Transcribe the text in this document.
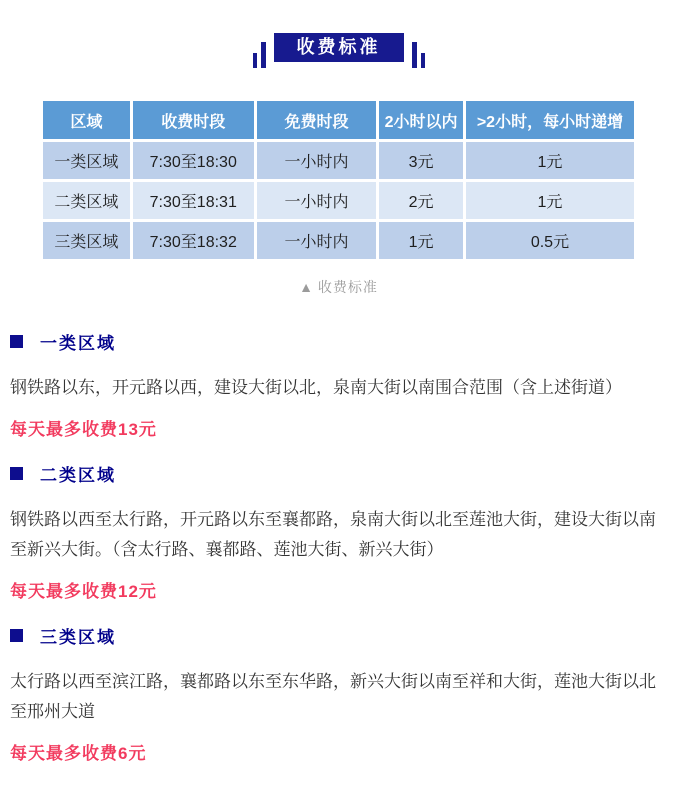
收费标准
区域	收费时段	免费时段	2小时以内	>2小时，每小时递增
一类区域	7:30至18:30	一小时内	3元	1元
二类区域	7:30至18:31	一小时内	2元	1元
三类区域	7:30至18:32	一小时内	1元	0.5元
▲ 收费标准
一类区域

钢铁路以东，开元路以西，建设大街以北，泉南大街以南围合范围（含上述街道）

每天最多收费13元

二类区域

钢铁路以西至太行路，开元路以东至襄都路，泉南大街以北至莲池大街，建设大街以南至新兴大街。（含太行路、襄都路、莲池大街、新兴大街）

每天最多收费12元

三类区域

太行路以西至滨江路，襄都路以东至东华路，新兴大街以南至祥和大街，莲池大街以北至邢州大道

每天最多收费6元
